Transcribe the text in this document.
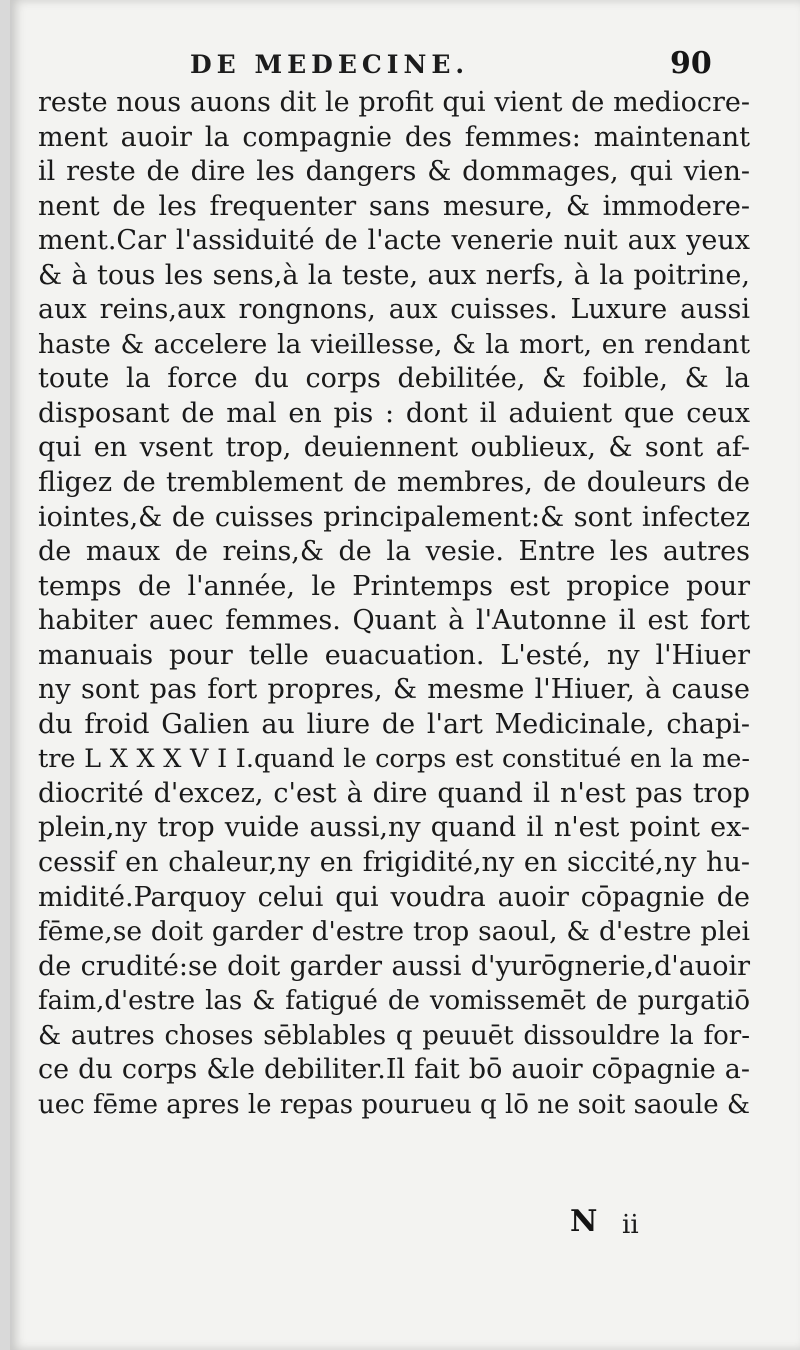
DE MEDECINE.	90
reste nous auons dit le profit qui vient de mediocre-
ment auoir la compagnie des femmes: maintenant
il reste de dire les dangers & dommages, qui vien-
nent de les frequenter sans mesure, & immodere-
ment.Car l'assiduité de l'acte venerie nuit aux yeux
& à tous les sens,à la teste, aux nerfs, à la poitrine,
aux reins,aux rongnons, aux cuisses. Luxure aussi
haste & accelere la vieillesse, & la mort, en rendant
toute la force du corps debilitée, & foible, & la
disposant de mal en pis : dont il aduient que ceux
qui en vsent trop, deuiennent oublieux, & sont af-
fligez de tremblement de membres, de douleurs de
iointes,& de cuisses principalement:& sont infectez
de maux de reins,& de la vesie. Entre les autres
temps de l'année, le Printemps est propice pour
habiter auec femmes. Quant à l'Autonne il est fort
manuais pour telle euacuation. L'esté, ny l'Hiuer
ny sont pas fort propres, & mesme l'Hiuer, à cause
du froid Galien au liure de l'art Medicinale, chapi-
tre L X X X V I I.quand le corps est constitué en la me-
diocrité d'excez, c'est à dire quand il n'est pas trop
plein,ny trop vuide aussi,ny quand il n'est point ex-
cessif en chaleur,ny en frigidité,ny en siccité,ny hu-
midité.Parquoy celui qui voudra auoir cōpagnie de
fēme,se doit garder d'estre trop saoul, & d'estre plei
de crudité:se doit garder aussi d'yurōgnerie,d'auoir
faim,d'estre las & fatigué de vomissemēt de purgatiō
& autres choses sēblables q peuuēt dissouldre la for-
ce du corps &le debiliter.Il fait bō auoir cōpagnie a-
uec fēme apres le repas pourueu q lō ne soit saoule &
N ii
